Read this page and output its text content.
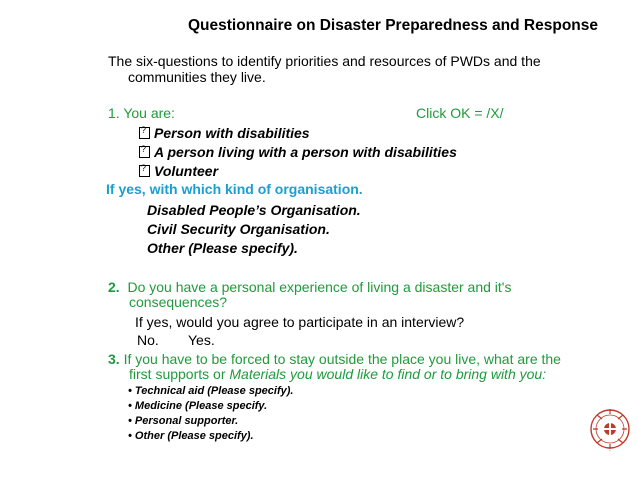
Questionnaire on Disaster Preparedness and Response
The six-questions to identify priorities and resources of PWDs and the
communities they live.
1. You are:	Click OK = /X/
?Person with disabilities
?A person living with a person with disabilities
?Volunteer
If yes, with which kind of organisation.
Disabled People’s Organisation.
Civil Security Organisation.
Other (Please specify).
2. Do you have a personal experience of living a disaster and it's
consequences?
If yes, would you agree to participate in an interview?
No. Yes.
3. If you have to be forced to stay outside the place you live, what are the
first supports or Materials you would like to find or to bring with you:
• Technical aid (Please specify).
• Medicine (Please specify.
• Personal supporter.
• Other (Please specify).
~
